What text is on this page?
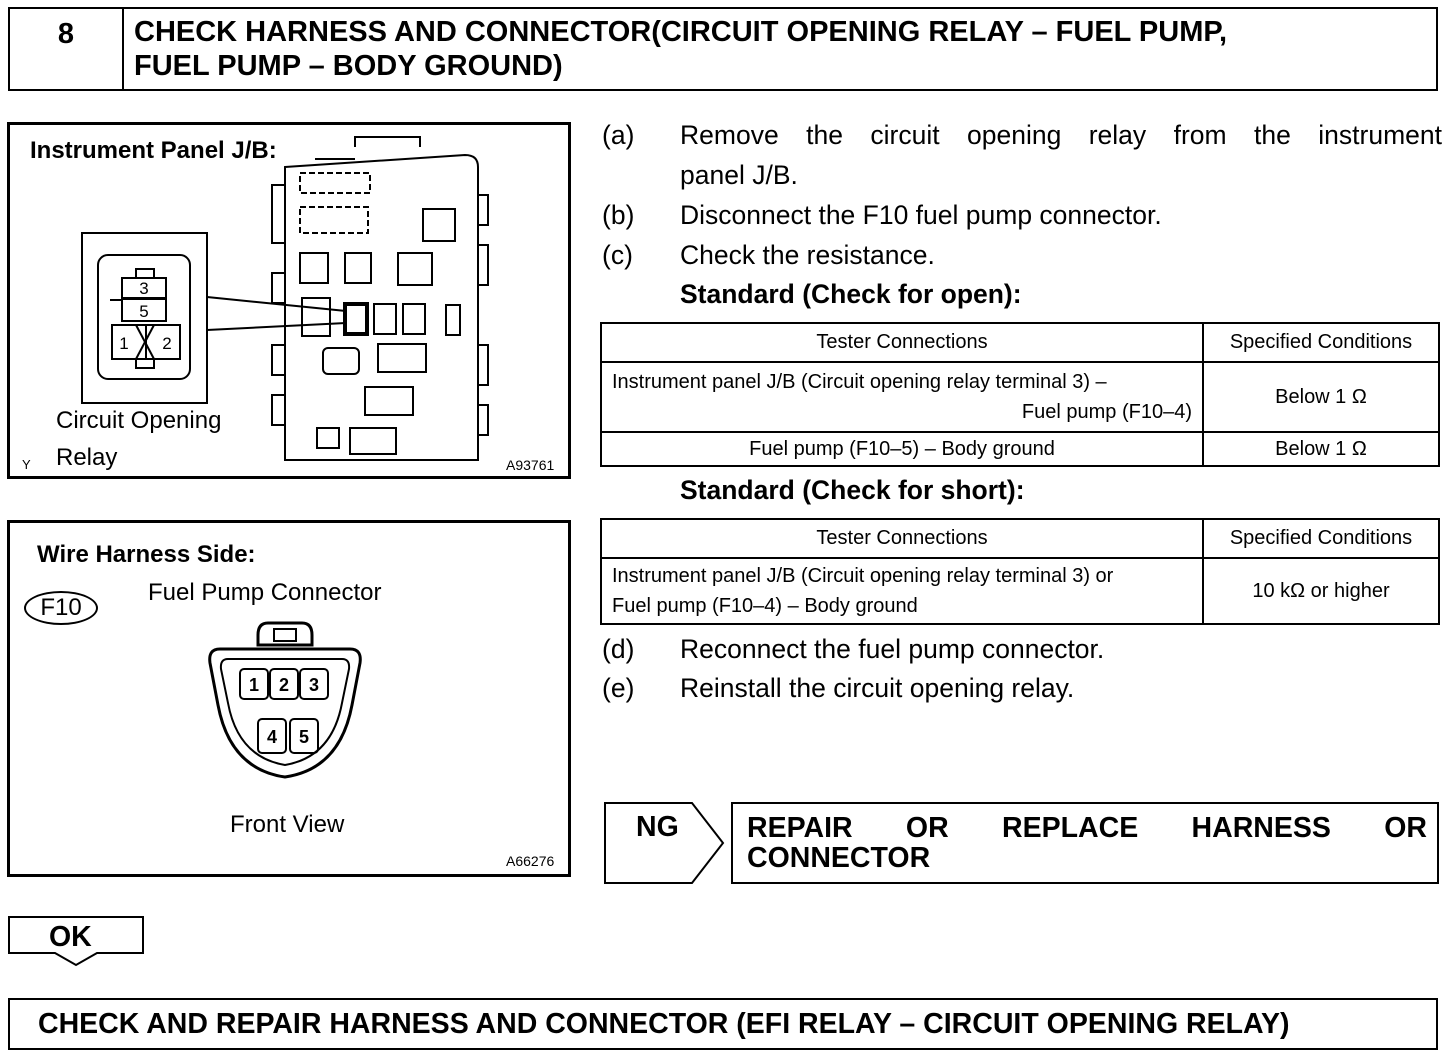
8	CHECK HARNESS AND CONNECTOR(CIRCUIT OPENING RELAY – FUEL PUMP,
FUEL PUMP – BODY GROUND)
Instrument Panel J/B:
3
5
1 2
Circuit Opening
Relay
Y	A93761
Wire Harness Side:
F10
Fuel Pump Connector
1 2 3
4 5
Front View
A66276
(a) Remove the circuit opening relay from the instrument
panel J/B.
(b) Disconnect the F10 fuel pump connector.
(c) Check the resistance.
Standard (Check for open):
Tester Connections	Specified Conditions

Instrument panel J/B (Circuit opening relay terminal 3) –
Fuel pump (F10–4)	Below 1 Ω
Fuel pump (F10–5) – Body ground	Below 1 Ω
Standard (Check for short):
Tester Connections	Specified Conditions

Instrument panel J/B (Circuit opening relay terminal 3) or
Fuel pump (F10–4) – Body ground	10 kΩ or higher
(d) Reconnect the fuel pump connector.
(e) Reinstall the circuit opening relay.
NG REPAIR OR REPLACE HARNESS OR
CONNECTOR
OK
CHECK AND REPAIR HARNESS AND CONNECTOR (EFI RELAY – CIRCUIT OPENING RELAY)
